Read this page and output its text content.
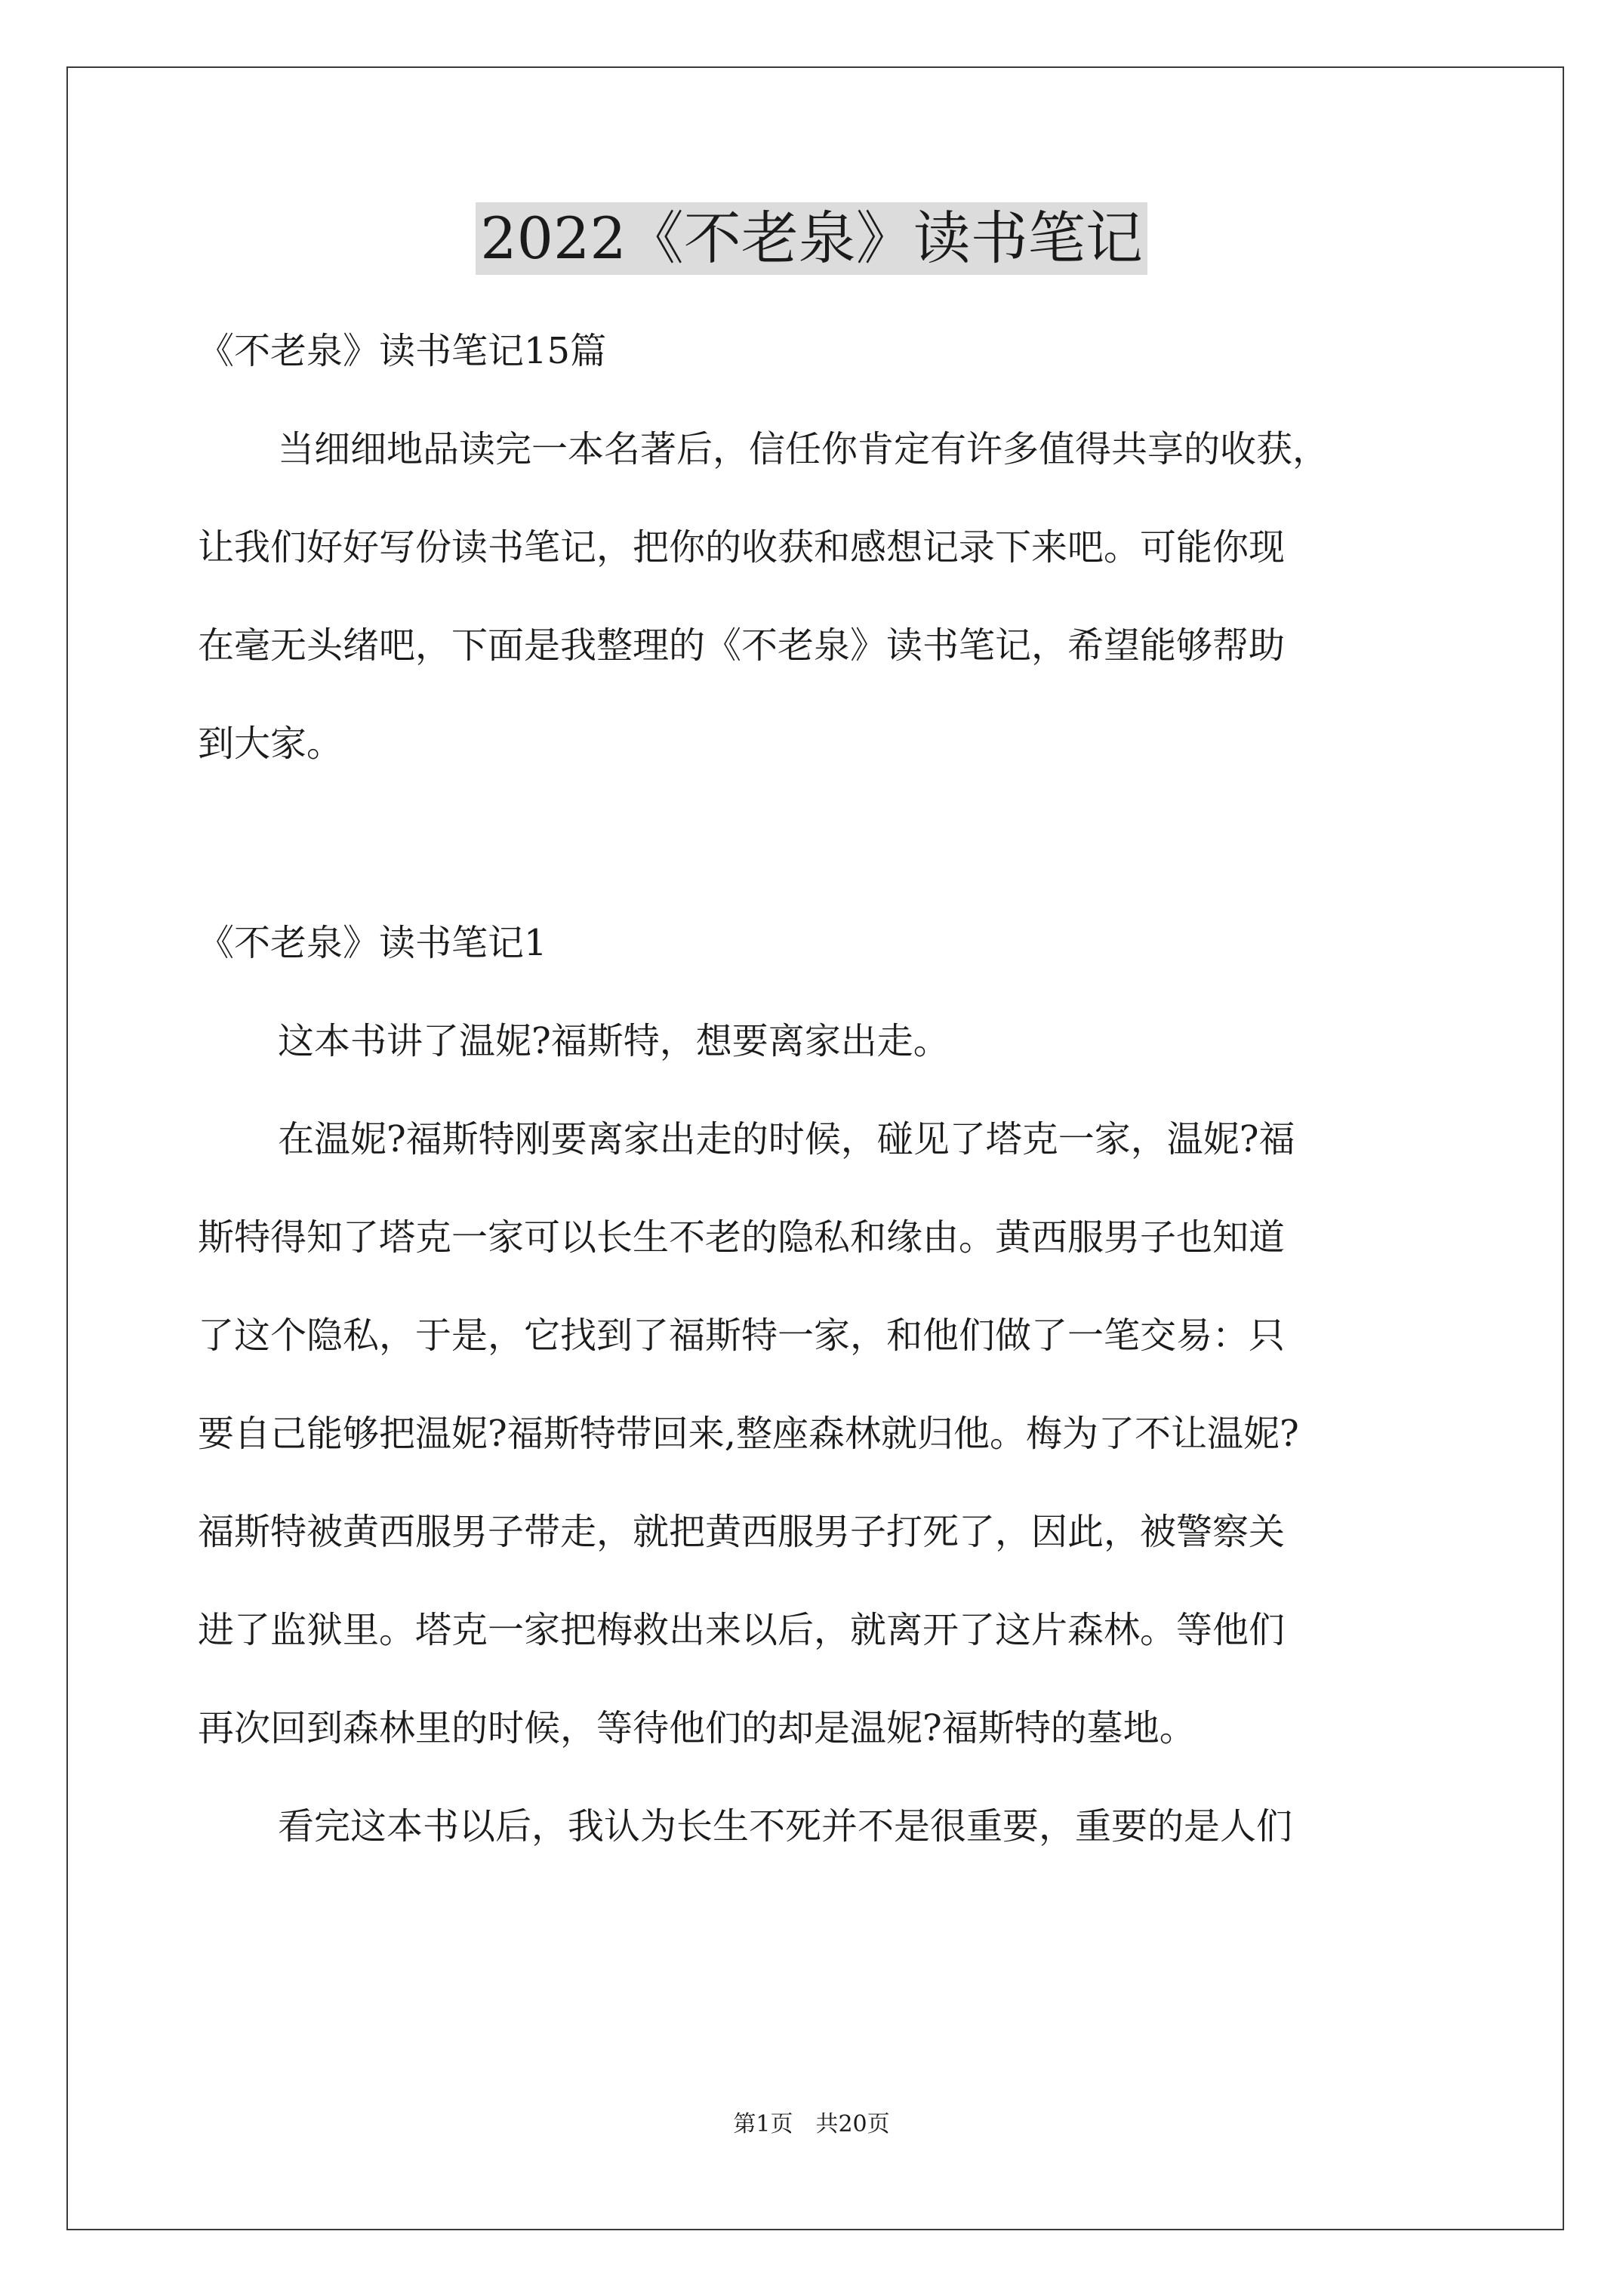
2022《不老泉》读书笔记

《不老泉》读书笔记15篇

当细细地品读完一本名著后，信任你肯定有许多值得共享的收获，

让我们好好写份读书笔记，把你的收获和感想记录下来吧。可能你现

在毫无头绪吧，下面是我整理的《不老泉》读书笔记，希望能够帮助

到大家。

《不老泉》读书笔记1

这本书讲了温妮?福斯特，想要离家出走。

在温妮?福斯特刚要离家出走的时候，碰见了塔克一家，温妮?福

斯特得知了塔克一家可以长生不老的隐私和缘由。黄西服男子也知道

了这个隐私，于是，它找到了福斯特一家，和他们做了一笔交易：只

要自己能够把温妮?福斯特带回来,整座森林就归他。梅为了不让温妮?

福斯特被黄西服男子带走，就把黄西服男子打死了，因此，被警察关

进了监狱里。塔克一家把梅救出来以后，就离开了这片森林。等他们

再次回到森林里的时候，等待他们的却是温妮?福斯特的墓地。

看完这本书以后，我认为长生不死并不是很重要，重要的是人们

第1页　共20页
